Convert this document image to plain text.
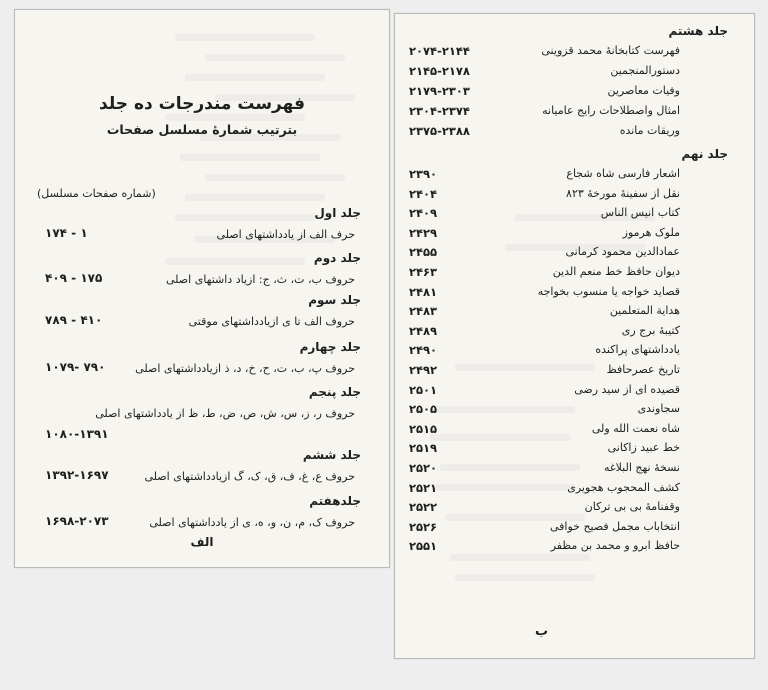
فهرست مندرجات ده جلد
بترتیب شمارۀ مسلسل صفحات
(شماره صفحات مسلسل)
جلد اول
حرف الف از یادداشتهای اصلی
۱ - ۱۷۴
جلد دوم
حروف ب، ت، ث، ج: ازیاد داشتهای اصلی
۱۷۵ - ۴۰۹
جلد سوم
حروف الف تا ی ازیادداشتهای موقتی
۴۱۰ - ۷۸۹
جلد چهارم
حروف پ، ب، ت، ح، خ، د، ذ ازیادداشتهای اصلی
۷۹۰ -۱۰۷۹
جلد پنجم
حروف ر، ز، س، ش، ص، ض، ط، ظ از یادداشتهای اصلی
۱۰۸۰-۱۳۹۱
جلد ششم
حروف ع، غ، ف، ق، ک، گ ازیادداشتهای اصلی
۱۳۹۲-۱۶۹۷
جلدهفتم
حروف ک، م، ن، و، ه، ی از یادداشتهای اصلی
۱۶۹۸-۲۰۷۳
الف
جلد هشتم
فهرست کتابخانۀ محمد قزوینی
۲۰۷۴-۲۱۴۴
دستورالمنجمین
۲۱۴۵-۲۱۷۸
وفیات معاصرین
۲۱۷۹-۲۳۰۳
امثال واصطلاحات رایج عامیانه
۲۳۰۴-۲۳۷۴
وریقات مانده
۲۳۷۵-۲۳۸۸
جلد نهم
اشعار فارسی شاه شجاع
۲۳۹۰
نقل از سفینۀ مورخۀ ۸۲۳
۲۴۰۴
کتاب انیس الناس
۲۴۰۹
ملوک هرموز
۲۴۲۹
عمادالدین محمود کرمانی
۲۴۵۵
دیوان حافظ خط منعم الدین
۲۴۶۳
قصاید خواجه یا منسوب بخواجه
۲۴۸۱
هدایة المتعلمین
۲۴۸۳
کتیبۀ برج ری
۲۴۸۹
یادداشتهای پراکنده
۲۴۹۰
تاریخ عصرحافظ
۲۴۹۲
قصیده ای از سید رضی
۲۵۰۱
سجاوندی
۲۵۰۵
شاه نعمت الله ولی
۲۵۱۵
خط عبید زاکانی
۲۵۱۹
نسخۀ نهج البلاغه
۲۵۲۰
کشف المحجوب هجویری
۲۵۲۱
وقفنامۀ بی بی ترکان
۲۵۲۲
انتخاباب مجمل فصیح خوافی
۲۵۲۶
حافظ ابرو و محمد بن مظفر
۲۵۵۱
ب
